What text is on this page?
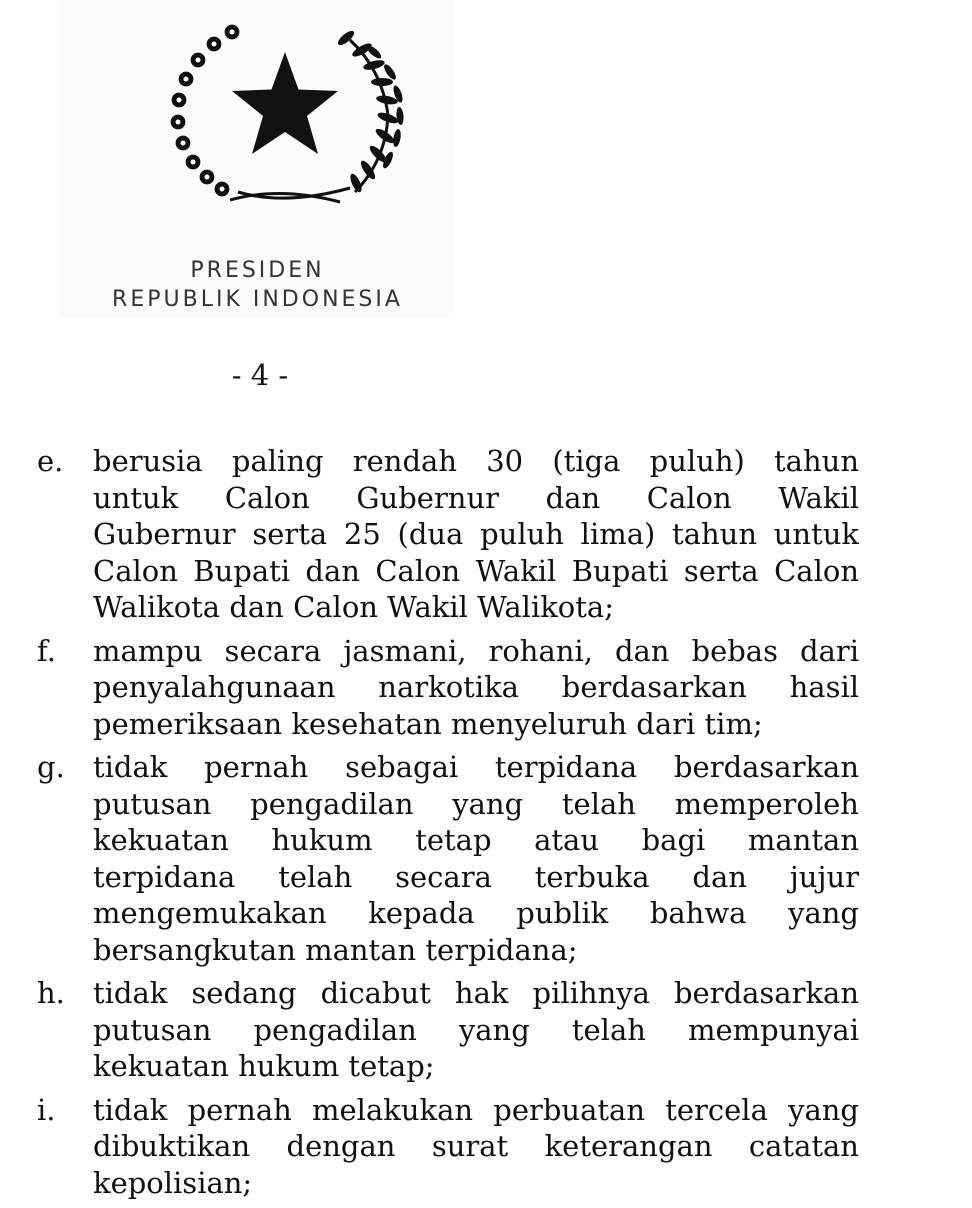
PRESIDEN
REPUBLIK INDONESIA
- 4 -
e.	berusia paling rendah 30 (tiga puluh) tahun
untuk Calon Gubernur dan Calon Wakil
Gubernur serta 25 (dua puluh lima) tahun untuk
Calon Bupati dan Calon Wakil Bupati serta Calon
Walikota dan Calon Wakil Walikota;
f.	mampu secara jasmani, rohani, dan bebas dari
penyalahgunaan narkotika berdasarkan hasil
pemeriksaan kesehatan menyeluruh dari tim;
g. tidak pernah sebagai terpidana berdasarkan
putusan pengadilan yang telah memperoleh
kekuatan hukum tetap atau bagi mantan
terpidana telah secara terbuka dan jujur
mengemukakan kepada publik bahwa yang
bersangkutan mantan terpidana;
h. tidak sedang dicabut hak pilihnya berdasarkan
putusan pengadilan yang telah mempunyai
kekuatan hukum tetap;
i.	tidak pernah melakukan perbuatan tercela yang
dibuktikan dengan surat keterangan catatan
kepolisian;
